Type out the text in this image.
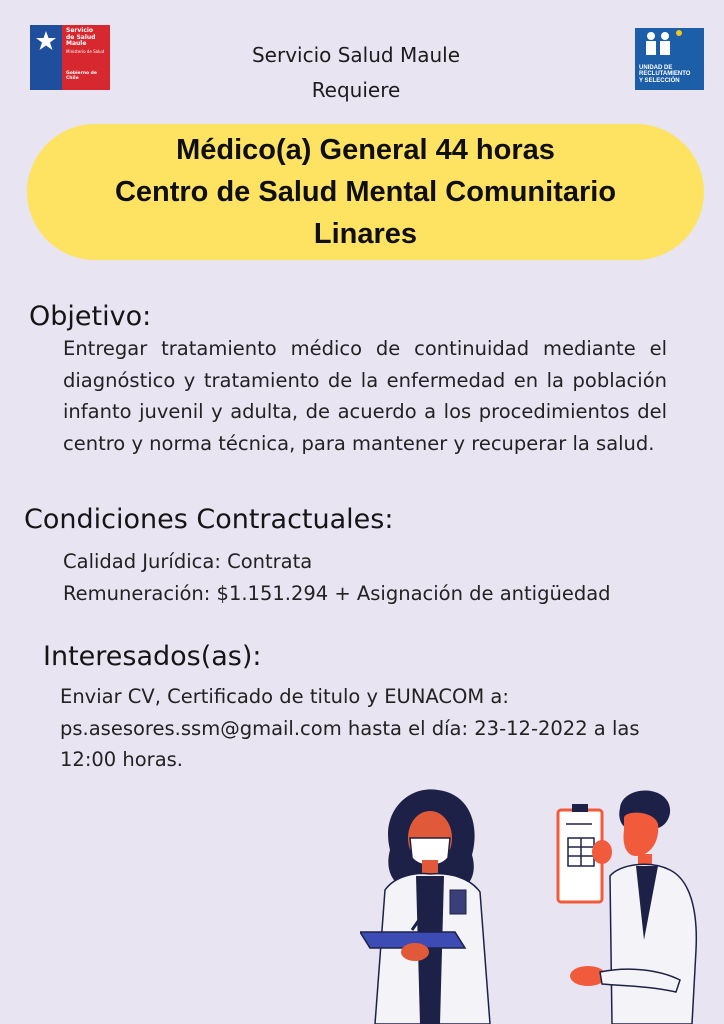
Servicio
de Salud
Maule
Ministerio de Salud
Gobierno de Chile
UNIDAD DE
RECLUTAMIENTO
Y SELECCIÓN
Servicio Salud Maule
Requiere
Médico(a) General 44 horas
Centro de Salud Mental Comunitario
Linares
Objetivo:
Entregar tratamiento médico de continuidad mediante el diagnóstico y tratamiento de la enfermedad en la población infanto juvenil y adulta, de acuerdo a los procedimientos del centro y norma técnica, para mantener y recuperar la salud.
Condiciones Contractuales:
Calidad Jurídica: Contrata
Remuneración: $1.151.294 + Asignación de antigüedad
Interesados(as):
Enviar CV, Certificado de titulo y EUNACOM a: ps.asesores.ssm@gmail.com hasta el día: 23-12-2022 a las 12:00 horas.
